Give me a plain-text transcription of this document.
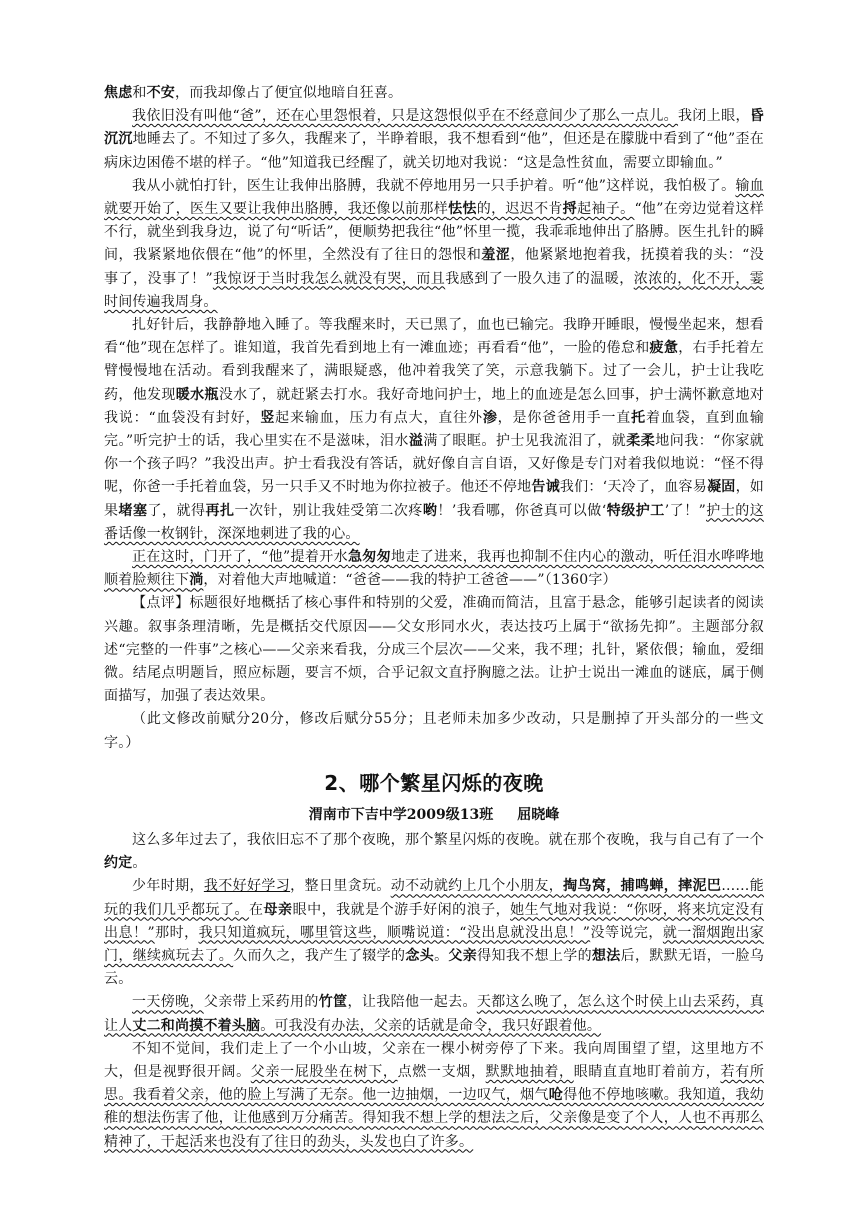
焦虑和不安，而我却像占了便宜似地暗自狂喜。

我依旧没有叫他“爸”，还在心里怨恨着，只是这怨恨似乎在不经意间少了那么一点儿。我闭上眼，昏沉沉地睡去了。不知过了多久，我醒来了，半睁着眼，我不想看到“他”，但还是在朦胧中看到了“他”歪在病床边困倦不堪的样子。“他”知道我已经醒了，就关切地对我说：“这是急性贫血，需要立即输血。”

我从小就怕打针，医生让我伸出胳膊，我就不停地用另一只手护着。听“他”这样说，我怕极了。输血就要开始了，医生又要让我伸出胳膊，我还像以前那样怯怯的，迟迟不肯捋起袖子。“他”在旁边觉着这样不行，就坐到我身边，说了句“听话”，便顺势把我往“他”怀里一揽，我乖乖地伸出了胳膊。医生扎针的瞬间，我紧紧地依偎在“他”的怀里，全然没有了往日的怨恨和羞涩，他紧紧地抱着我，抚摸着我的头：“没事了，没事了！”我惊讶于当时我怎么就没有哭，而且我感到了一股久违了的温暖，浓浓的，化不开，霎时间传遍我周身。

扎好针后，我静静地入睡了。等我醒来时，天已黑了，血也已输完。我睁开睡眼，慢慢坐起来，想看看“他”现在怎样了。谁知道，我首先看到地上有一滩血迹；再看看“他”，一脸的倦怠和疲惫，右手托着左臂慢慢地在活动。看到我醒来了，满眼疑惑，他冲着我笑了笑，示意我躺下。过了一会儿，护士让我吃药，他发现暖水瓶没水了，就赶紧去打水。我好奇地问护士，地上的血迹是怎么回事，护士满怀歉意地对我说：“血袋没有封好，竖起来输血，压力有点大，直往外渗，是你爸爸用手一直托着血袋，直到血输完。”听完护士的话，我心里实在不是滋味，泪水溢满了眼眶。护士见我流泪了，就柔柔地问我：“你家就你一个孩子吗？”我没出声。护士看我没有答话，就好像自言自语，又好像是专门对着我似地说：“怪不得呢，你爸一手托着血袋，另一只手又不时地为你拉被子。他还不停地告诫我们：‘天冷了，血容易凝固，如果堵塞了，就得再扎一次针，别让我娃受第二次疼哟！’我看哪，你爸真可以做‘特级护工’了！”护士的这番话像一枚钢针，深深地刺进了我的心。

正在这时，门开了，“他”提着开水急匆匆地走了进来，我再也抑制不住内心的激动，听任泪水哗哗地顺着脸颊往下淌，对着他大声地喊道：“爸爸——我的特护工爸爸——”（1360字）

【点评】标题很好地概括了核心事件和特别的父爱，准确而简洁，且富于悬念，能够引起读者的阅读兴趣。叙事条理清晰，先是概括交代原因——父女形同水火，表达技巧上属于“欲扬先抑”。主题部分叙述“完整的一件事”之核心——父亲来看我，分成三个层次——父来，我不理；扎针，紧依偎；输血，爱细微。结尾点明题旨，照应标题，要言不烦，合乎记叙文直抒胸臆之法。让护士说出一滩血的谜底，属于侧面描写，加强了表达效果。

（此文修改前赋分20分，修改后赋分55分；且老师未加多少改动，只是删掉了开头部分的一些文字。）

2、哪个繁星闪烁的夜晚
渭南市下吉中学2009级13班 屈晓峰

这么多年过去了，我依旧忘不了那个夜晚，那个繁星闪烁的夜晚。就在那个夜晚，我与自己有了一个约定。

少年时期，我不好好学习，整日里贪玩。动不动就约上几个小朋友，掏鸟窝，捕鸣蝉，摔泥巴……能玩的我们几乎都玩了。在母亲眼中，我就是个游手好闲的浪子，她生气地对我说：“你呀，将来坑定没有出息！”那时，我只知道疯玩，哪里管这些，顺嘴说道：“没出息就没出息！”没等说完，就一溜烟跑出家门，继续疯玩去了。久而久之，我产生了辍学的念头。父亲得知我不想上学的想法后，默默无语，一脸乌云。

一天傍晚，父亲带上采药用的竹筐，让我陪他一起去。天都这么晚了，怎么这个时侯上山去采药，真让人丈二和尚摸不着头脑。可我没有办法，父亲的话就是命令，我只好跟着他。

不知不觉间，我们走上了一个小山坡，父亲在一棵小树旁停了下来。我向周围望了望，这里地方不大，但是视野很开阔。父亲一屁股坐在树下，点燃一支烟，默默地抽着，眼睛直直地盯着前方，若有所思。我看着父亲，他的脸上写满了无奈。他一边抽烟，一边叹气，烟气呛得他不停地咳嗽。我知道，我幼稚的想法伤害了他，让他感到万分痛苦。得知我不想上学的想法之后，父亲像是变了个人，人也不再那么精神了，干起活来也没有了往日的劲头，头发也白了许多。
